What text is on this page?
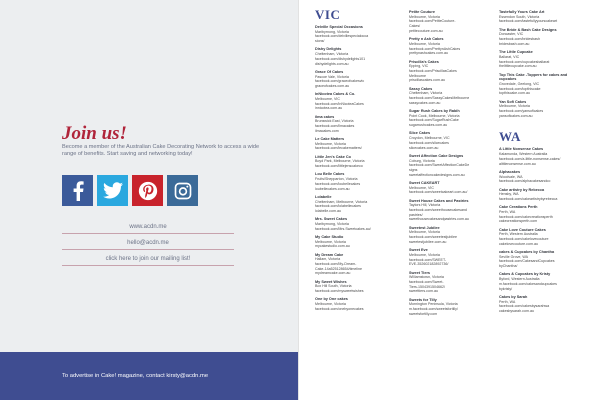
Join us!
Become a member of the Australian Cake Decorating Network to access a wide range of benefits. Start saving and networking today!
www.acdn.me
hello@acdn.me
click here to join our mailing list!
To advertise in Cake! magazine, contact kirsty@acdn.me
VIC
Delville Special Occasions
Maribyrnong, Victoria
facebook.com/delvillespecialocca
sions/
Dishy Delights
Cheltenham, Victoria
facebook.com/dishydelights101
dishydelights.com.au
Grace Of Cakes
Pascoe Vale, Victoria
facebook.com/graceofcakesvic
graceofcakes.com.au
InNicotea Cakes & Co.
Melbourne, VIC
facebook.com/InNicoteaCakes
innicotea.com.au
ilma cakes
Brunswick East, Victoria
facebook.com/ilmacakes
ilmacakes.com
Le Cake Matters
Melbourne, Victoria
facebook.com/lecakematters/
Little Jen's Cake Co
Boyd Park, Melbourne, Victoria
facebook.com/littlejenscakeco
Lou Belle Cakes
Fruits/Shepparton, Victoria
facebook.com/loubellecakes
loubellecakes.com.au
Lolabelle
Cheltenham, Melbourne, Victoria
facebook.com/lolabellecakes
lolabelle.com.au
Mrs. Sweet Cakes
Maribyrnong, Victoria
facebook.com/Mrs.Sweetcakes.au/
My Cake Studio
Melbourne, Victoria
mycakestudio.com.au
My Dream Cake
Hallam, Victoria
facebook.com/My-Dream-
Cake-14a525128654/timeline
mydreamcake.com.au
My Sweet Wishes
Box Hill South, Victoria
facebook.com/mysweetwishes
One by One cakes
Melbourne, Victoria
facebook.com/onebyonecakes
Petite Couture
Melbourne, Victoria
facebook.com/PetiteCouture-
Cakes/
petitecouture.com.au
Pretty n Ash Cakes
Melbourne, Victoria
facebook.com/PrettynAshCakes
prettynashcakes.com.au
Priscilla's Cakes
Epping, VIC
facebook.com/PriscillasCakes
Melbourne
priscillascakes.com.au
Sassy Cakes
Cheltenham, Victoria
facebook.com/SassyCakesMelbourne
sassycakes.com.au
Sugar Rush Cakes by Rabih
Point Cook, Melbourne, Victoria
facebook.com/SugarRushCake
sugarrushcakes.com.au
Slice Cakes
Croydon, Melbourne, VIC
facebook.com/slicecakes
slicecakes.com.au
Sweet Affection Cake Designs
Coburg, Victoria
facebook.com/SweetAffectionCakeDe
signs
sweetaffectioncakedesigns.com.au
Sweet CAKEART
Melbourne, VIC
facebook.com/sweetcakeart.com.au/
Sweet House Cakes and Pastries
Taylors Hill, Victoria
facebook.com/sweethousecakesand
pastries/
sweethousecakesandpastries.com.au
Sweetest Jubilee
Melbourne, Victoria
facebook.com/sweetestjubilee
sweetestjubilee.com.au
Sweet Eve
Melbourne, Victoria
facebook.com/SWEET-
EVE-352602182892736/
Sweet Tiers
Williamstown, Victoria
facebook.com/Sweet-
Tiers-1504391504662/
sweettiers.com.au
Sweets for Tilly
Mornington Peninsula, Victoria
m.facebook.com/sweetsfortilly/
sweetsfortilly.com
Tastefully Yours Cake Art
Essendon South, Victoria
facebook.com/tastefullyyourscakeart
The Bride & Bash Cake Designs
Doncaster, VIC
facebook.com/bridesbash
bridesbash.com.au
The Little Cupcake
Ballarat, VIC
facebook.com/cupcakesballarat
thelittlecupcake.com.au
Top This Cake -Toppers for cakes and cupcakes
Grovedale, Geelong, VIC
facebook.com/topthiscake
topthiscake.com.au
Yan Sofi Cakes
Melbourne, Victoria
facebook.com/yansoficakes
yansoficakes.com.au
WA
A Little Nonsense Cakes
Kalamunda, Western Australia
facebook.com/a-little-nonsense-cakes/
alittlenonsense.com.au
Alphacakes
Woodvale, WA
facebook.com/alphacakesandco
Cake artistry by Rebecca
Hensby, WA
facebook.com/cakeartistrybyrebecca
Cake Creations Perth
Perth, WA
facebook.com/cakecreationsperth
cakecreationsperth.com
Cake Love Couture Cakes
Perth, Western Australia
facebook.com/cakelovecouture
cakelovecouture.com.au
cakes & Cupcakes by Chantha
Seville Grove, WA
facebook.com/CakesandCupcakes
byChantha/
Cakes & Cupcakes by Kristy
Byford, Western Australia
m.facebook.com/cakesandcupcakes
bykristy/
Cakes by Sarah
Perth, WA
facebook.com/cakesbysarahwa
cakesbysarah.com.au
